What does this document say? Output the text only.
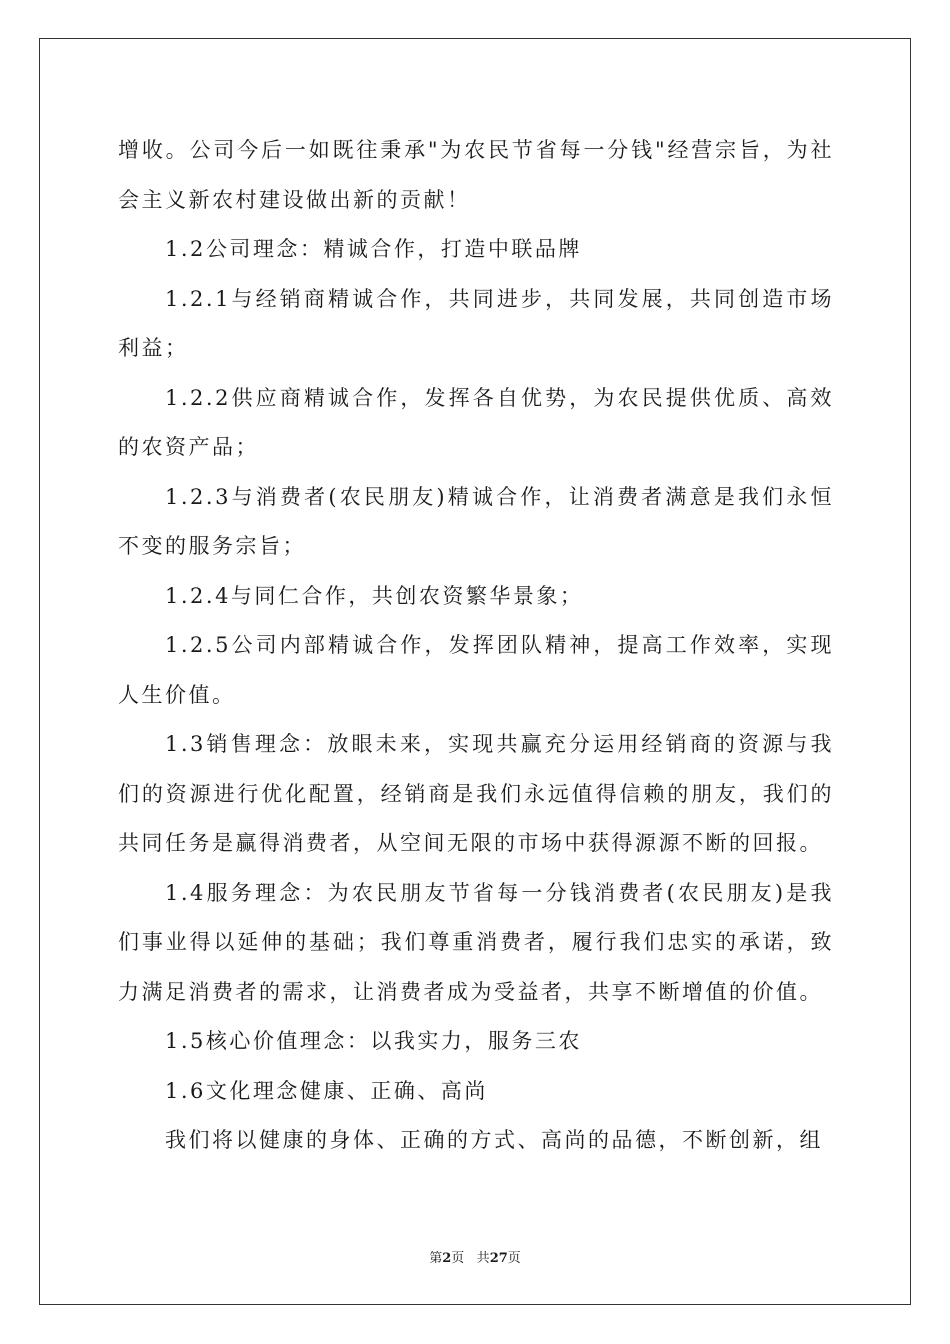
增收。公司今后一如既往秉承"为农民节省每一分钱"经营宗旨，为社会主义新农村建设做出新的贡献！

1.2公司理念：精诚合作，打造中联品牌

1.2.1与经销商精诚合作，共同进步，共同发展，共同创造市场利益；

1.2.2供应商精诚合作，发挥各自优势，为农民提供优质、高效的农资产品；

1.2.3与消费者(农民朋友)精诚合作，让消费者满意是我们永恒不变的服务宗旨；

1.2.4与同仁合作，共创农资繁华景象；

1.2.5公司内部精诚合作，发挥团队精神，提高工作效率，实现人生价值。

1.3销售理念：放眼未来，实现共赢充分运用经销商的资源与我们的资源进行优化配置，经销商是我们永远值得信赖的朋友，我们的共同任务是赢得消费者，从空间无限的市场中获得源源不断的回报。

1.4服务理念：为农民朋友节省每一分钱消费者(农民朋友)是我们事业得以延伸的基础；我们尊重消费者，履行我们忠实的承诺，致力满足消费者的需求，让消费者成为受益者，共享不断增值的价值。

1.5核心价值理念：以我实力，服务三农

1.6文化理念健康、正确、高尚

我们将以健康的身体、正确的方式、高尚的品德，不断创新，组

第2页 共27页
